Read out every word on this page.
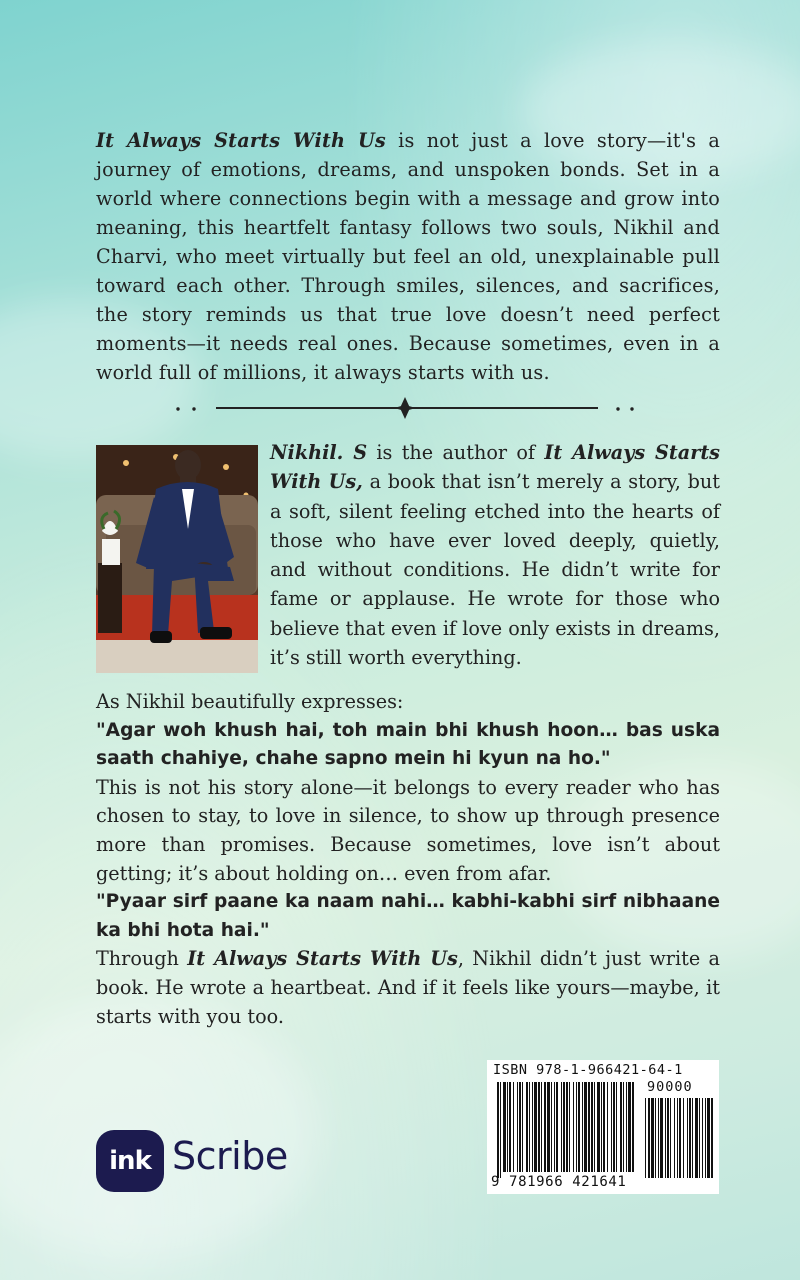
It Always Starts With Us is not just a love story—it's a journey of emotions, dreams, and unspoken bonds. Set in a world where connections begin with a message and grow into meaning, this heartfelt fantasy follows two souls, Nikhil and Charvi, who meet virtually but feel an old, unexplainable pull toward each other. Through smiles, silences, and sacrifices, the story reminds us that true love doesn’t need perfect moments—it needs real ones. Because sometimes, even in a world full of millions, it always starts with us.
Nikhil. S is the author of It Always Starts With Us, a book that isn’t merely a story, but a soft, silent feeling etched into the hearts of those who have ever loved deeply, quietly, and without conditions. He didn’t write for fame or applause. He wrote for those who believe that even if love only exists in dreams, it’s still worth everything.
As Nikhil beautifully expresses:
"Agar woh khush hai, toh main bhi khush hoon… bas uska saath chahiye, chahe sapno mein hi kyun na ho."
This is not his story alone—it belongs to every reader who has chosen to stay, to love in silence, to show up through presence more than promises. Because sometimes, love isn’t about getting; it’s about holding on… even from afar.
"Pyaar sirf paane ka naam nahi… kabhi-kabhi sirf nibhaane ka bhi hota hai."
Through It Always Starts With Us, Nikhil didn’t just write a book. He wrote a heartbeat. And if it feels like yours—maybe, it starts with you too.
ink Scribe
ISBN 978-1-966421-64-1
90000
9 781966 421641
